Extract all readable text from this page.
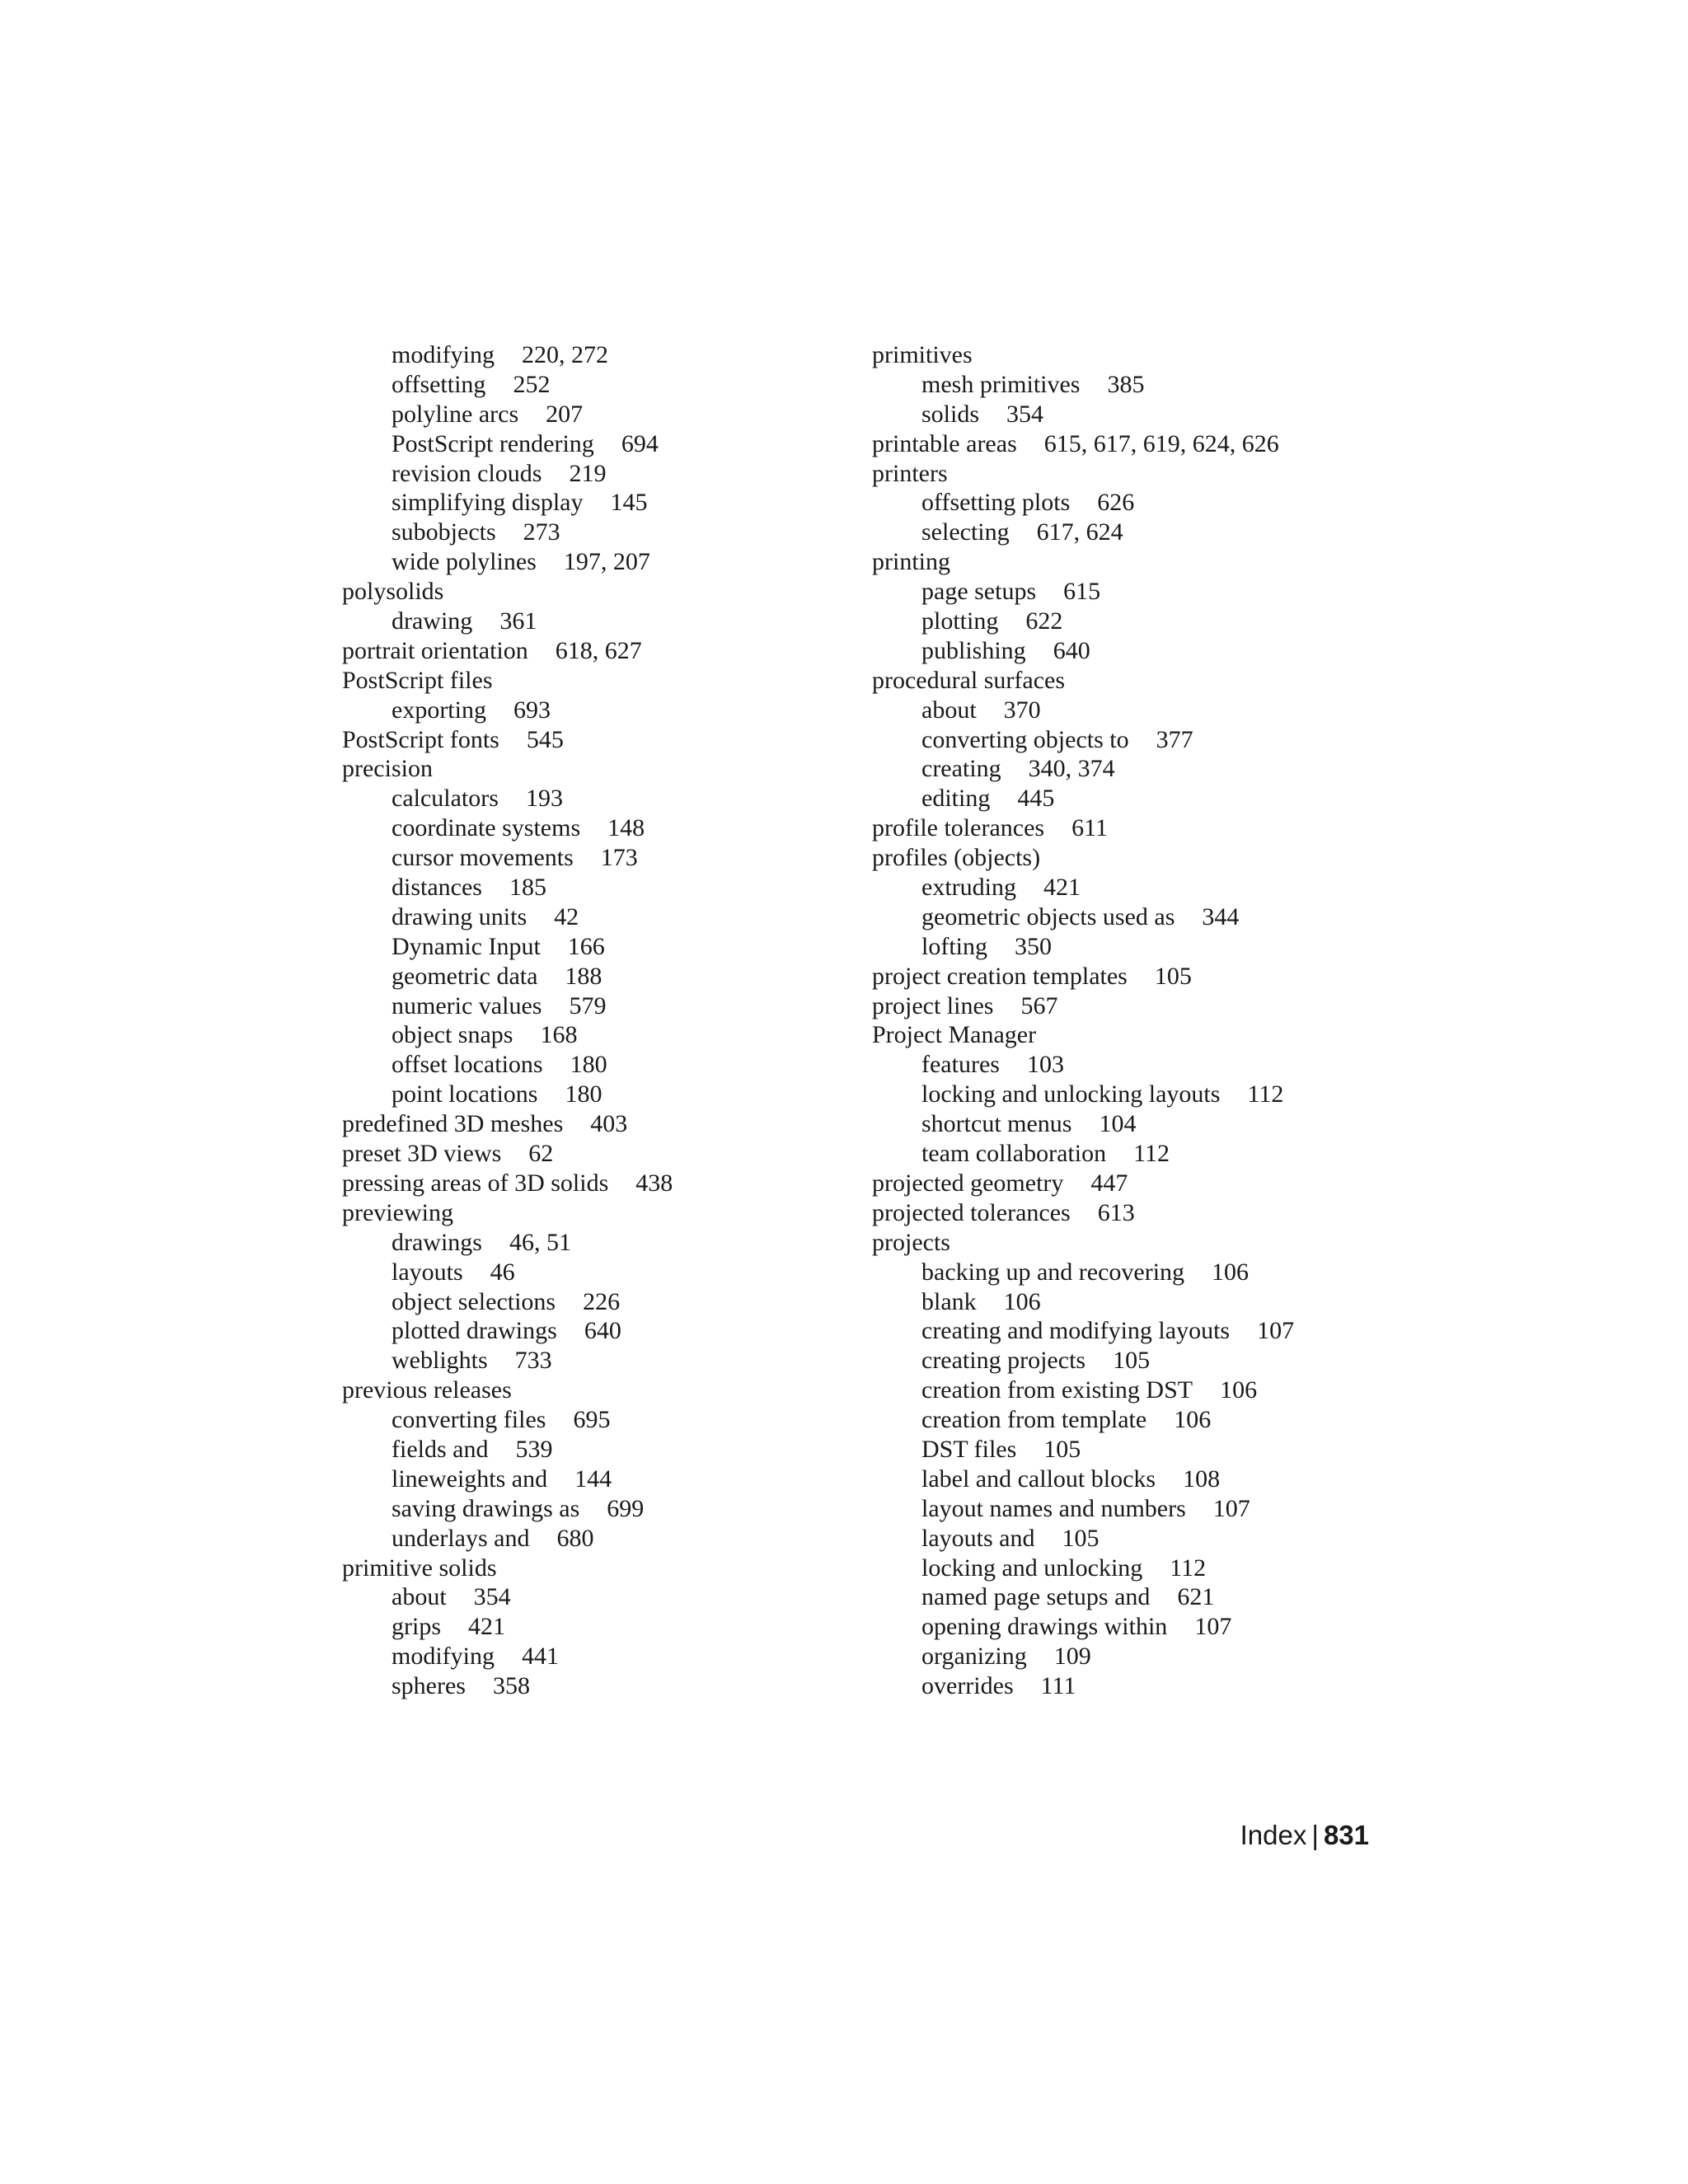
modifying 220, 272
offsetting 252
polyline arcs 207
PostScript rendering 694
revision clouds 219
simplifying display 145
subobjects 273
wide polylines 197, 207
polysolids
drawing 361
portrait orientation 618, 627
PostScript files
exporting 693
PostScript fonts 545
precision
calculators 193
coordinate systems 148
cursor movements 173
distances 185
drawing units 42
Dynamic Input 166
geometric data 188
numeric values 579
object snaps 168
offset locations 180
point locations 180
predefined 3D meshes 403
preset 3D views 62
pressing areas of 3D solids 438
previewing
drawings 46, 51
layouts 46
object selections 226
plotted drawings 640
weblights 733
previous releases
converting files 695
fields and 539
lineweights and 144
saving drawings as 699
underlays and 680
primitive solids
about 354
grips 421
modifying 441
spheres 358
primitives
mesh primitives 385
solids 354
printable areas 615, 617, 619, 624, 626
printers
offsetting plots 626
selecting 617, 624
printing
page setups 615
plotting 622
publishing 640
procedural surfaces
about 370
converting objects to 377
creating 340, 374
editing 445
profile tolerances 611
profiles (objects)
extruding 421
geometric objects used as 344
lofting 350
project creation templates 105
project lines 567
Project Manager
features 103
locking and unlocking layouts 112
shortcut menus 104
team collaboration 112
projected geometry 447
projected tolerances 613
projects
backing up and recovering 106
blank 106
creating and modifying layouts 107
creating projects 105
creation from existing DST 106
creation from template 106
DST files 105
label and callout blocks 108
layout names and numbers 107
layouts and 105
locking and unlocking 112
named page setups and 621
opening drawings within 107
organizing 109
overrides 111
Index | 831
